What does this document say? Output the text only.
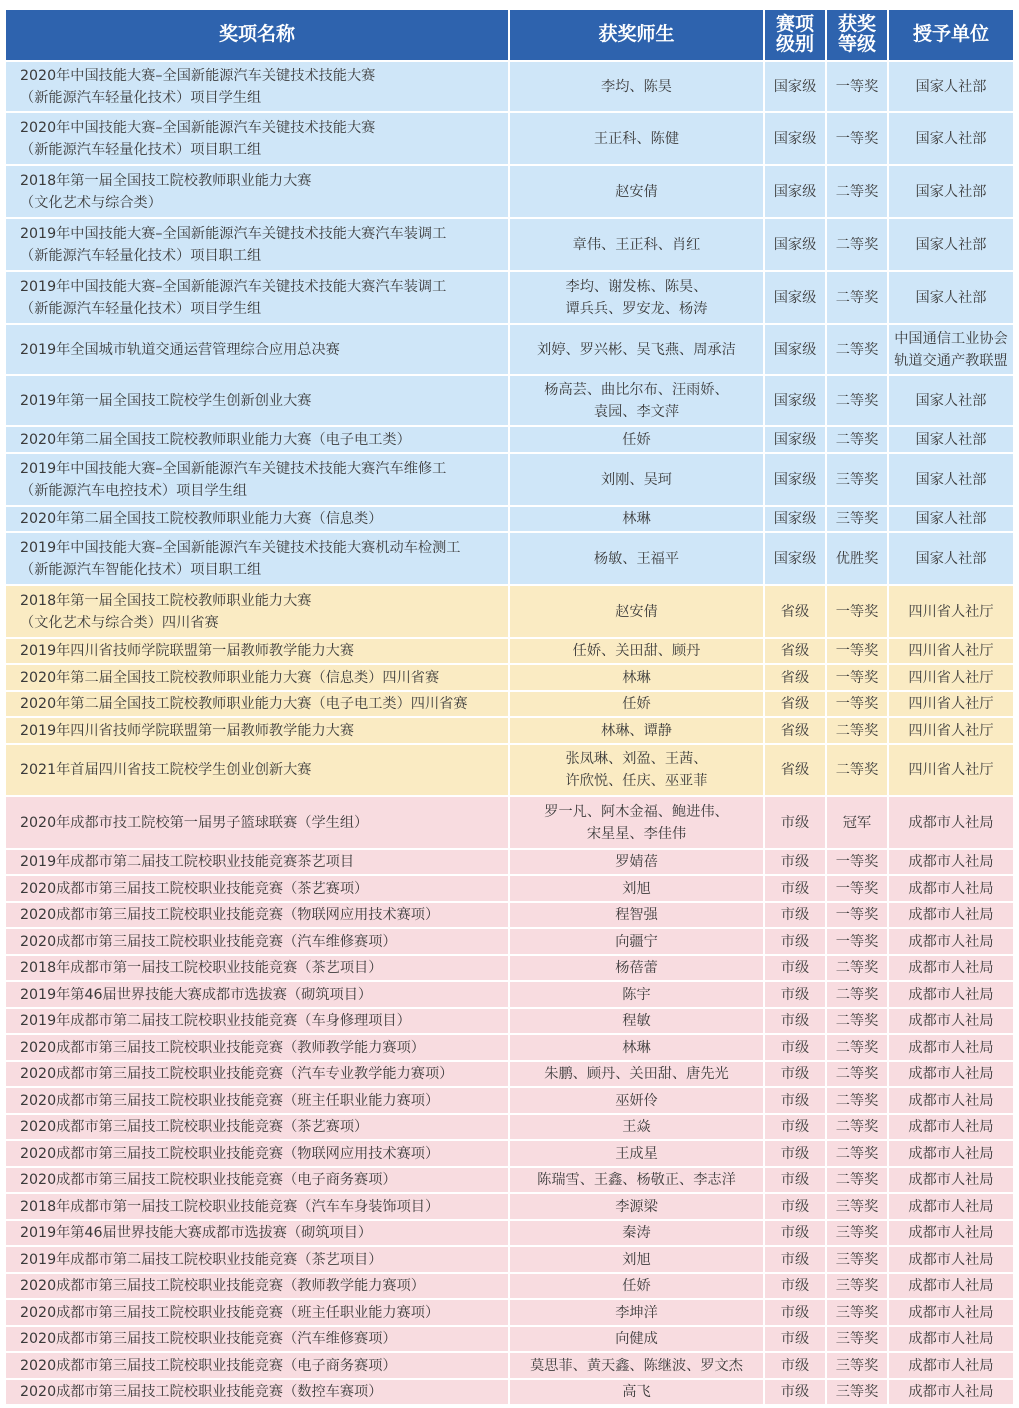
奖项名称	获奖师生	赛项级别	获奖等级	授予单位

2020年中国技能大赛–全国新能源汽车关键技术技能大赛
（新能源汽车轻量化技术）项目学生组	李均、陈昊	国家级	一等奖	国家人社部

2020年中国技能大赛–全国新能源汽车关键技术技能大赛
（新能源汽车轻量化技术）项目职工组	王正科、陈健	国家级	一等奖	国家人社部

2018年第一届全国技工院校教师职业能力大赛
（文化艺术与综合类）	赵安倩	国家级	二等奖	国家人社部

2019年中国技能大赛–全国新能源汽车关键技术技能大赛汽车装调工
（新能源汽车轻量化技术）项目职工组	章伟、王正科、肖红	国家级	二等奖	国家人社部

2019年中国技能大赛–全国新能源汽车关键技术技能大赛汽车装调工
（新能源汽车轻量化技术）项目学生组	李均、谢发栋、陈昊、
谭兵兵、罗安龙、杨涛	国家级	二等奖	国家人社部

2019年全国城市轨道交通运营管理综合应用总决赛	刘婷、罗兴彬、吴飞燕、周承洁	国家级	二等奖	中国通信工业协会
轨道交通产教联盟

2019年第一届全国技工院校学生创新创业大赛	杨高芸、曲比尔布、汪雨娇、
袁园、李文萍	国家级	二等奖	国家人社部

2020年第二届全国技工院校教师职业能力大赛（电子电工类）	任娇	国家级	二等奖	国家人社部

2019年中国技能大赛–全国新能源汽车关键技术技能大赛汽车维修工
（新能源汽车电控技术）项目学生组	刘刚、吴珂	国家级	三等奖	国家人社部

2020年第二届全国技工院校教师职业能力大赛（信息类）	林琳	国家级	三等奖	国家人社部

2019年中国技能大赛–全国新能源汽车关键技术技能大赛机动车检测工
（新能源汽车智能化技术）项目职工组	杨敏、王福平	国家级	优胜奖	国家人社部

2018年第一届全国技工院校教师职业能力大赛
（文化艺术与综合类）四川省赛	赵安倩	省级	一等奖	四川省人社厅

2019年四川省技师学院联盟第一届教师教学能力大赛	任娇、关田甜、顾丹	省级	一等奖	四川省人社厅

2020年第二届全国技工院校教师职业能力大赛（信息类）四川省赛	林琳	省级	一等奖	四川省人社厅

2020年第二届全国技工院校教师职业能力大赛（电子电工类）四川省赛	任娇	省级	一等奖	四川省人社厅

2019年四川省技师学院联盟第一届教师教学能力大赛	林琳、谭静	省级	二等奖	四川省人社厅

2021年首届四川省技工院校学生创业创新大赛	张凤琳、刘盈、王茜、
许欣悦、任庆、巫亚菲	省级	二等奖	四川省人社厅

2020年成都市技工院校第一届男子篮球联赛（学生组）	罗一凡、阿木金福、鲍进伟、
宋星星、李佳伟	市级	冠军	成都市人社局

2019年成都市第二届技工院校职业技能竞赛茶艺项目	罗婧蓓	市级	一等奖	成都市人社局

2020成都市第三届技工院校职业技能竞赛（茶艺赛项）	刘旭	市级	一等奖	成都市人社局

2020成都市第三届技工院校职业技能竞赛（物联网应用技术赛项）	程智强	市级	一等奖	成都市人社局

2020成都市第三届技工院校职业技能竞赛（汽车维修赛项）	向疆宁	市级	一等奖	成都市人社局

2018年成都市第一届技工院校职业技能竞赛（茶艺项目）	杨蓓蕾	市级	二等奖	成都市人社局

2019年第46届世界技能大赛成都市选拔赛（砌筑项目）	陈宇	市级	二等奖	成都市人社局

2019年成都市第二届技工院校职业技能竞赛（车身修理项目）	程敏	市级	二等奖	成都市人社局

2020成都市第三届技工院校职业技能竞赛（教师教学能力赛项）	林琳	市级	二等奖	成都市人社局

2020成都市第三届技工院校职业技能竞赛（汽车专业教学能力赛项）	朱鹏、顾丹、关田甜、唐先光	市级	二等奖	成都市人社局

2020成都市第三届技工院校职业技能竞赛（班主任职业能力赛项）	巫妍伶	市级	二等奖	成都市人社局

2020成都市第三届技工院校职业技能竞赛（茶艺赛项）	王焱	市级	二等奖	成都市人社局

2020成都市第三届技工院校职业技能竞赛（物联网应用技术赛项）	王成星	市级	二等奖	成都市人社局

2020成都市第三届技工院校职业技能竞赛（电子商务赛项）	陈瑞雪、王鑫、杨敬正、李志洋	市级	二等奖	成都市人社局

2018年成都市第一届技工院校职业技能竞赛（汽车车身装饰项目）	李源梁	市级	三等奖	成都市人社局

2019年第46届世界技能大赛成都市选拔赛（砌筑项目）	秦涛	市级	三等奖	成都市人社局

2019年成都市第二届技工院校职业技能竞赛（茶艺项目）	刘旭	市级	三等奖	成都市人社局

2020成都市第三届技工院校职业技能竞赛（教师教学能力赛项）	任娇	市级	三等奖	成都市人社局

2020成都市第三届技工院校职业技能竞赛（班主任职业能力赛项）	李坤洋	市级	三等奖	成都市人社局

2020成都市第三届技工院校职业技能竞赛（汽车维修赛项）	向健成	市级	三等奖	成都市人社局

2020成都市第三届技工院校职业技能竞赛（电子商务赛项）	莫思菲、黄天鑫、陈继波、罗文杰	市级	三等奖	成都市人社局

2020成都市第三届技工院校职业技能竞赛（数控车赛项）	高飞	市级	三等奖	成都市人社局
